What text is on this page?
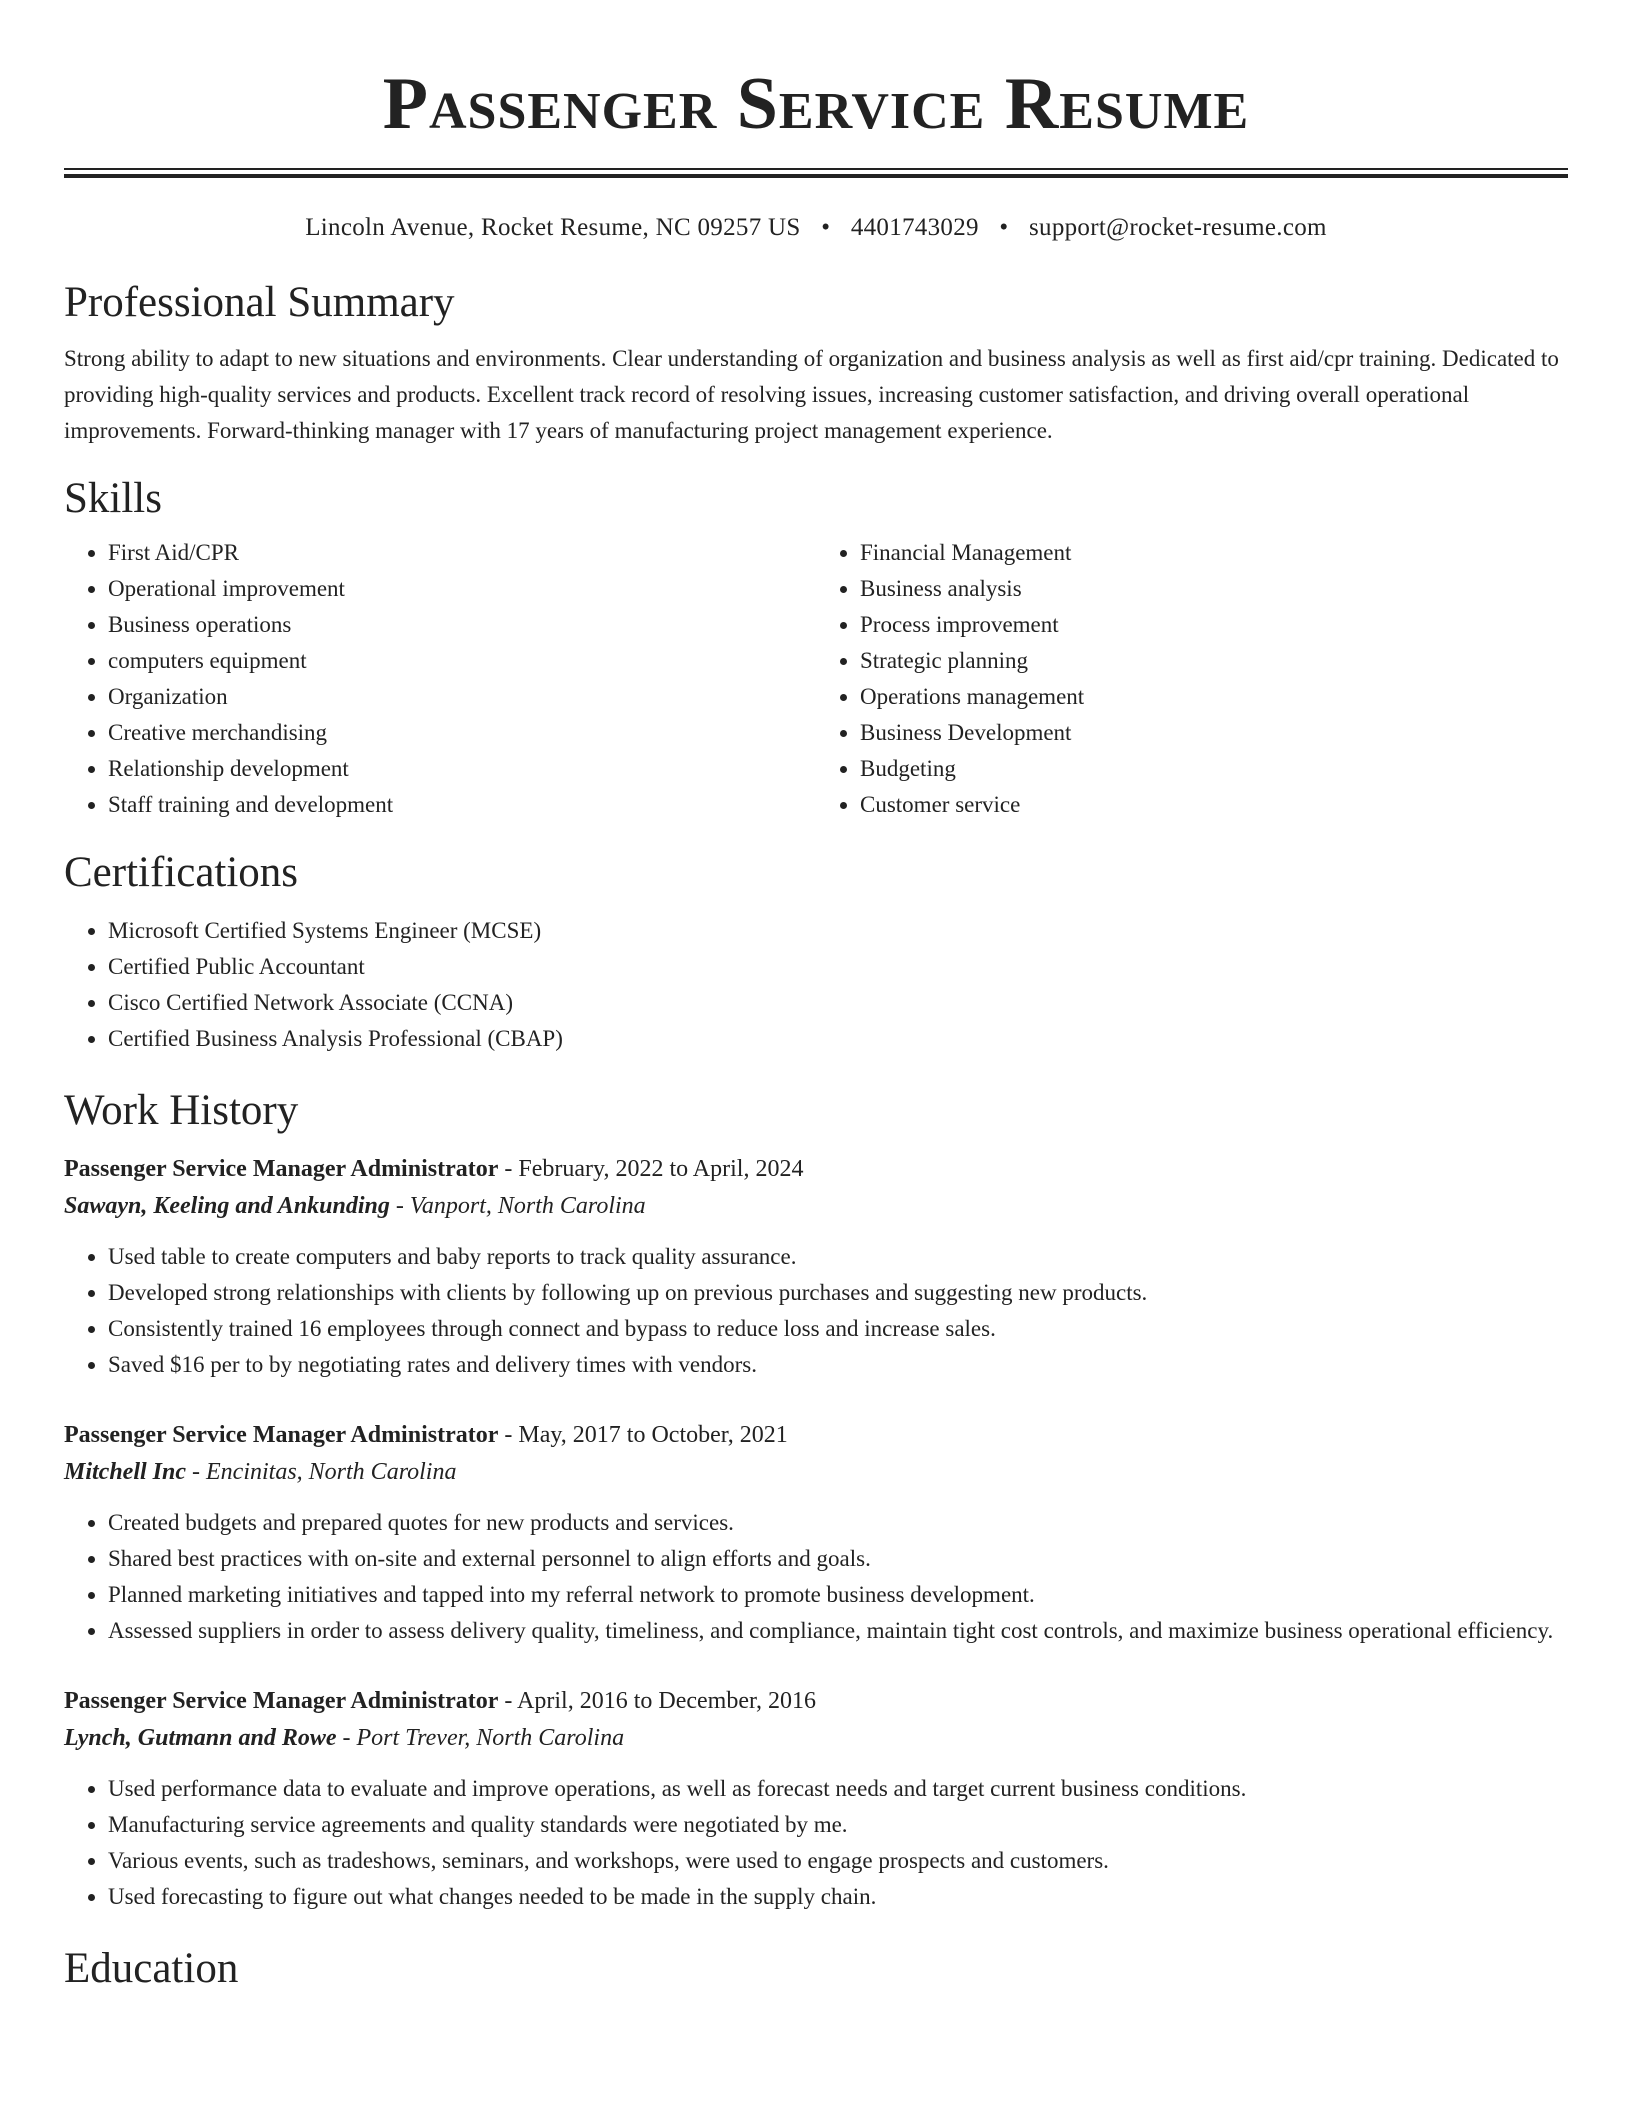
Passenger Service Resume
Lincoln Avenue, Rocket Resume, NC 09257 US • 4401743029 • support@rocket-resume.com
Professional Summary

Strong ability to adapt to new situations and environments. Clear understanding of organization and business analysis as well as first aid/cpr training. Dedicated to providing high-quality services and products. Excellent track record of resolving issues, increasing customer satisfaction, and driving overall operational improvements. Forward-thinking manager with 17 years of manufacturing project management experience.

Skills
• First Aid/CPR
• Operational improvement
• Business operations
• computers equipment
• Organization
• Creative merchandising
• Relationship development
• Staff training and development
• Financial Management
• Business analysis
• Process improvement
• Strategic planning
• Operations management
• Business Development
• Budgeting
• Customer service
Certifications
• Microsoft Certified Systems Engineer (MCSE)
• Certified Public Accountant
• Cisco Certified Network Associate (CCNA)
• Certified Business Analysis Professional (CBAP)
Work History
Passenger Service Manager Administrator - February, 2022 to April, 2024
Sawayn, Keeling and Ankunding - Vanport, North Carolina
• Used table to create computers and baby reports to track quality assurance.
• Developed strong relationships with clients by following up on previous purchases and suggesting new products.
• Consistently trained 16 employees through connect and bypass to reduce loss and increase sales.
• Saved $16 per to by negotiating rates and delivery times with vendors.
Passenger Service Manager Administrator - May, 2017 to October, 2021
Mitchell Inc - Encinitas, North Carolina
• Created budgets and prepared quotes for new products and services.
• Shared best practices with on-site and external personnel to align efforts and goals.
• Planned marketing initiatives and tapped into my referral network to promote business development.
• Assessed suppliers in order to assess delivery quality, timeliness, and compliance, maintain tight cost controls, and maximize business operational efficiency.
Passenger Service Manager Administrator - April, 2016 to December, 2016
Lynch, Gutmann and Rowe - Port Trever, North Carolina
• Used performance data to evaluate and improve operations, as well as forecast needs and target current business conditions.
• Manufacturing service agreements and quality standards were negotiated by me.
• Various events, such as tradeshows, seminars, and workshops, were used to engage prospects and customers.
• Used forecasting to figure out what changes needed to be made in the supply chain.
Education
